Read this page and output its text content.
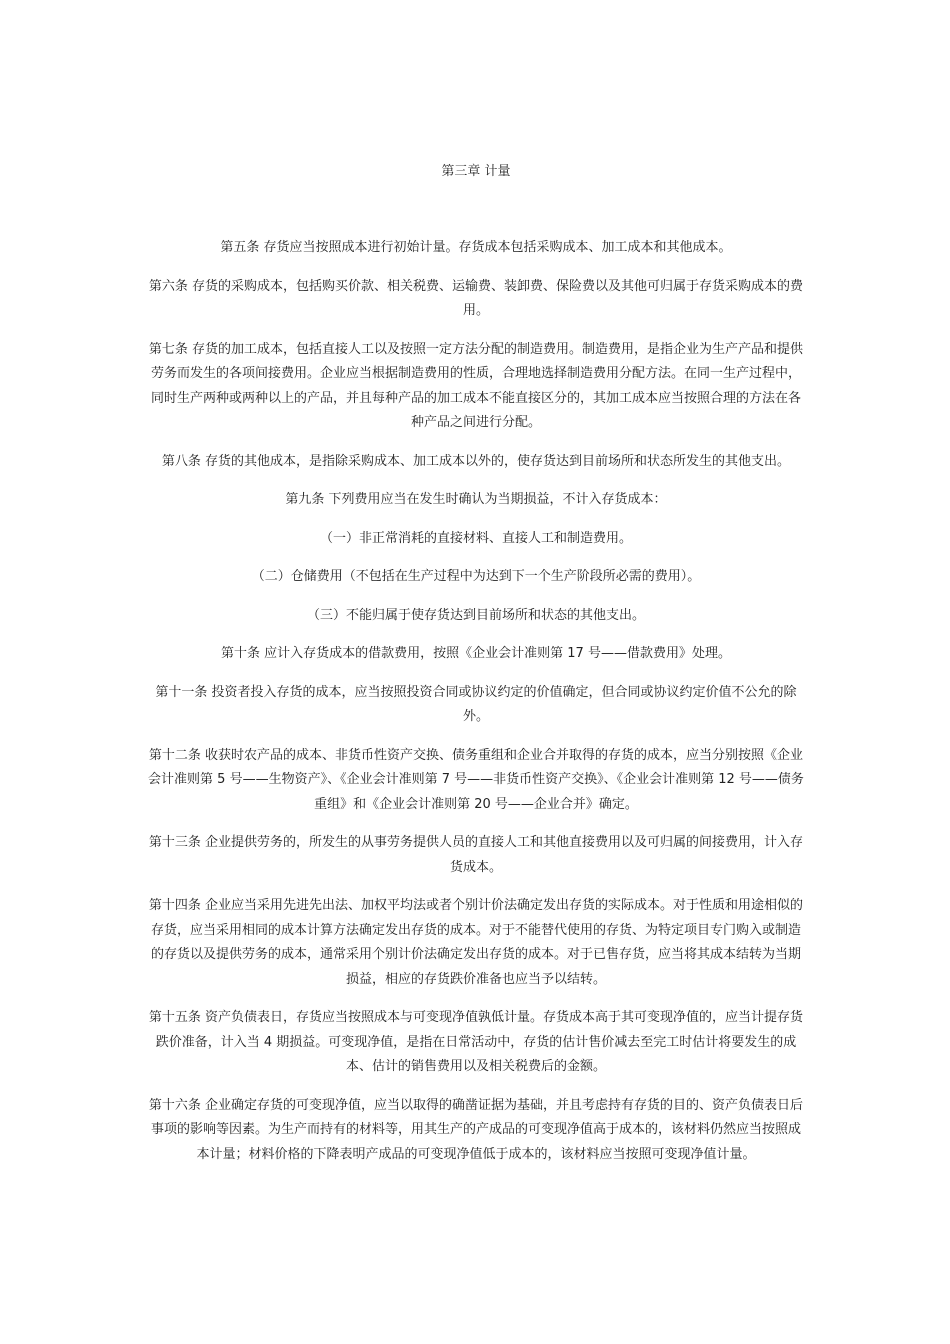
第三章 计量

第五条 存货应当按照成本进行初始计量。存货成本包括采购成本、加工成本和其他成本。

第六条 存货的采购成本，包括购买价款、相关税费、运输费、装卸费、保险费以及其他可归属于存货采购成本的费用。

第七条 存货的加工成本，包括直接人工以及按照一定方法分配的制造费用。制造费用，是指企业为生产产品和提供劳务而发生的各项间接费用。企业应当根据制造费用的性质，合理地选择制造费用分配方法。在同一生产过程中，同时生产两种或两种以上的产品，并且每种产品的加工成本不能直接区分的，其加工成本应当按照合理的方法在各种产品之间进行分配。

第八条 存货的其他成本，是指除采购成本、加工成本以外的，使存货达到目前场所和状态所发生的其他支出。

第九条 下列费用应当在发生时确认为当期损益，不计入存货成本：

（一）非正常消耗的直接材料、直接人工和制造费用。

（二）仓储费用（不包括在生产过程中为达到下一个生产阶段所必需的费用）。

（三）不能归属于使存货达到目前场所和状态的其他支出。

第十条 应计入存货成本的借款费用，按照《企业会计准则第 17 号——借款费用》处理。

第十一条 投资者投入存货的成本，应当按照投资合同或协议约定的价值确定，但合同或协议约定价值不公允的除外。

第十二条 收获时农产品的成本、非货币性资产交换、债务重组和企业合并取得的存货的成本，应当分别按照《企业会计准则第 5 号——生物资产》、《企业会计准则第 7 号——非货币性资产交换》、《企业会计准则第 12 号——债务重组》和《企业会计准则第 20 号——企业合并》确定。

第十三条 企业提供劳务的，所发生的从事劳务提供人员的直接人工和其他直接费用以及可归属的间接费用，计入存货成本。

第十四条 企业应当采用先进先出法、加权平均法或者个别计价法确定发出存货的实际成本。对于性质和用途相似的存货，应当采用相同的成本计算方法确定发出存货的成本。对于不能替代使用的存货、为特定项目专门购入或制造的存货以及提供劳务的成本，通常采用个别计价法确定发出存货的成本。对于已售存货，应当将其成本结转为当期损益，相应的存货跌价准备也应当予以结转。

第十五条 资产负债表日，存货应当按照成本与可变现净值孰低计量。存货成本高于其可变现净值的，应当计提存货跌价准备，计入当 4 期损益。可变现净值，是指在日常活动中，存货的估计售价减去至完工时估计将要发生的成本、估计的销售费用以及相关税费后的金额。

第十六条 企业确定存货的可变现净值，应当以取得的确凿证据为基础，并且考虑持有存货的目的、资产负债表日后事项的影响等因素。为生产而持有的材料等，用其生产的产成品的可变现净值高于成本的，该材料仍然应当按照成本计量；材料价格的下降表明产成品的可变现净值低于成本的，该材料应当按照可变现净值计量。
